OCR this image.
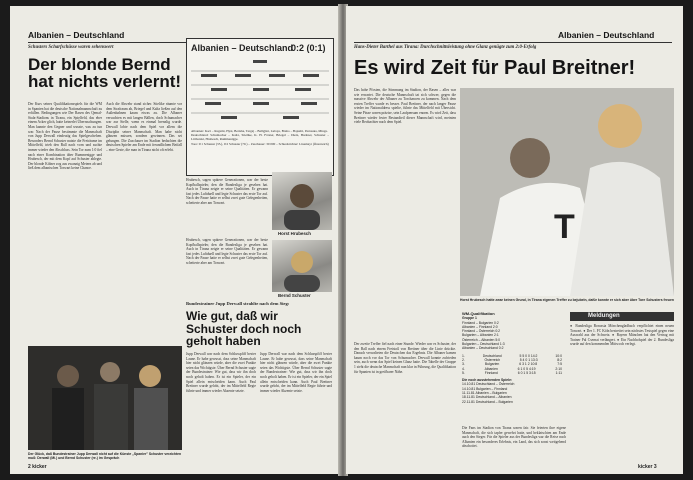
Albanien – Deutschland
Schusters Scharfschüsse waren sehenswert
Der blonde Bernd hat nichts verlernt!
Der Kurs seines Qualifikationsspiels für die WM in Spanien hat die deutsche Nationalmannschaft zu erfüllen. Bedingungen wie Der Rasen des Qemal-Stafa-Stadions in Tirana, ein Spielfeld, das eher einem Acker glich, hatte keinerlei Überraschungen. Man kannte den Gegner und wusste, was zu tun war. Nach der Pause bestimmte die Mannschaft von Jupp Derwall eindeutig das Spielgeschehen. Besonders Bernd Schuster nutzte die Freiräume im Mittelfeld, trieb den Ball nach vorn und suchte immer wieder den Abschluss. Sein Tor zum 1:0 fiel nach einer Kombination über Rummenigge und Hrubesch, der mit dem Kopf auf Schuster ablegte. Der blonde Kölner zog aus zwanzig Metern ab und ließ dem albanischen Torwart keine Chance.
Auch die Abwehr stand sicher. Stielike räumte vor dem Strafraum ab, Briegel und Kaltz ließen auf den Außenbahnen kaum etwas zu. Die Albaner versuchten es mit langen Bällen, doch Schumacher war zur Stelle, wenn es einmal brenzlig wurde. Derwall lobte nach dem Spiel vor allem die Disziplin seiner Mannschaft. Man habe nicht glänzen müssen, sondern gewinnen. Das sei gelungen. Die Zuschauer im Stadion bedachten die deutschen Spieler am Ende mit freundlichem Beifall – eine Geste, die man in Tirana nicht oft erlebt.
Albanien – Deutschland
0:2 (0:1)
Albanien: Kaci – Ragami, Hysi, Berisha, Targaj – Ballgjini, Luboja, Braho – Bajaziti, Pernaska, Minga.
Deutschland: Schumacher – Kaltz, Stielike, K. H. Förster, Briegel – Dietz, Breitner, Schuster – Littbarski, Hrubesch, Rummenigge.
Tore: 0:1 Schuster (35.), 0:2 Schuster (70.) – Zuschauer: 30 000 – Schiedsrichter: Linemayr (Österreich)
Hrubesch, sagen spätere Generationen, war der beste Kopfballspieler, den die Bundesliga je gesehen hat. Auch in Tirana zeigte er seine Qualitäten. Er gewann fast jedes Luftduell und legte Schuster das erste Tor auf. Nach der Pause hatte er selbst zwei gute Gelegenheiten, scheiterte aber am Torwart.
Horst Hrubesch
Bernd Schuster
Hrubesch, sagen spätere Generationen, war der beste Kopfballspieler, den die Bundesliga je gesehen hat. Auch in Tirana zeigte er seine Qualitäten. Er gewann fast jedes Luftduell und legte Schuster das erste Tor auf. Nach der Pause hatte er selbst zwei gute Gelegenheiten, scheiterte aber am Torwart.
Bundestrainer Jupp Derwall strahlte nach dem Sieg:
Wie gut, daß wir Schuster doch noch geholt haben
Jupp Derwall war nach dem Schlusspfiff bester Laune. Er habe gewusst, dass seine Mannschaft hier nicht glänzen würde, aber die zwei Punkte seien das Wichtigste. Über Bernd Schuster sagte der Bundestrainer: Wie gut, dass wir ihn doch noch geholt haben. Er ist ein Spieler, der ein Spiel allein entscheiden kann. Auch Paul Breitner wurde gelobt, der im Mittelfeld Regie führte und immer wieder Akzente setzte.
Jupp Derwall war nach dem Schlusspfiff bester Laune. Er habe gewusst, dass seine Mannschaft hier nicht glänzen würde, aber die zwei Punkte seien das Wichtigste. Über Bernd Schuster sagte der Bundestrainer: Wie gut, dass wir ihn doch noch geholt haben. Er ist ein Spieler, der ein Spiel allein entscheiden kann. Auch Paul Breitner wurde gelobt, der im Mittelfeld Regie führte und immer wieder Akzente setzte.
Der Glück, daß Bundestrainer Jupp Derwall nicht auf die Künste „Spanier" Schuster verzichten muß: Derwall (Mi.) und Bernd Schuster (re.) im Gespräch
2 kicker
Albanien – Deutschland
Hans-Dieter Barthel aus Tirana: Durchschnittsleistung ohne Glanz genügte zum 2:0-Erfolg
Es wird Zeit für Paul Breitner!
Das hohe Pfosten, die Stimmung im Stadion, der Rasen – alles war wie erwartet. Die deutsche Mannschaft tat sich schwer, gegen die massive Abwehr der Albaner zu Torchancen zu kommen. Nach dem ersten Treffer wurde es besser. Paul Breitner, der nach langer Pause wieder im Nationaldress spielte, führte das Mittelfeld mit Übersicht. Seine Pässe waren präzise, sein Laufpensum enorm. Es wird Zeit, dass Breitner wieder fester Bestandteil dieser Mannschaft wird, meinten viele Beobachter nach dem Spiel.
T
Horst Hrubesch hatte zwar keinen Grund, in Tirana eigenen Treffer zu bejubeln, dafür konnte er sich aber über Tore Schusters freuen
Der zweite Treffer fiel nach einer Stunde. Wieder war es Schuster, der den Ball nach einem Freistoß von Breitner über die Linie drückte. Danach verwalteten die Deutschen das Ergebnis. Die Albaner kamen kaum noch vor das Tor von Schumacher. Derwall konnte zufrieden sein, auch wenn das Spiel keinen Glanz hatte. Die Tabelle der Gruppe 1 sieht die deutsche Mannschaft nun klar in Führung, die Qualifikation für Spanien ist in greifbarer Nähe.
WM-Qualifikation
Gruppe 1
Finnland – Bulgarien 0:2
Albanien – Finnland 2:0
Finnland – Österreich 0:2
Bulgarien – Albanien 2:1
Österreich – Albanien 5:0
Bulgarien – Deutschland 1:3
Albanien – Deutschland 0:2
1.	Deutschland	5 5 0 0 14:2	10:0
2.	Österreich	5 4 0 1 13:3	8:2
3.	Bulgarien	6 3 1 2 10:8	7:5
4.	Albanien	6 1 0 5 4:19	2:10
5.	Finnland	6 0 1 5 3:15	1:11
Die noch ausstehenden Spiele:
14.10.81 Deutschland – Österreich
14.10.81 Bulgarien – Finnland
11.11.81 Albanien – Bulgarien
18.11.81 Deutschland – Albanien
22.11.81 Deutschland – Bulgarien
Meldungen
● Bundesliga Borussia Mönchengladbach verpflichtet einen neuen Torwart. ● Der 1. FC Köln bestreitet sein nächstes Testspiel gegen eine Auswahl aus der Schweiz. ● Bayern München hat den Vertrag mit Trainer Pal Csernai verlängert. ● Ein Nachholspiel der 2. Bundesliga wurde auf den kommenden Mittwoch verlegt.
Die Fans im Stadion von Tirana waren fair. Sie feierten ihre eigene Mannschaft, die sich tapfer gewehrt hatte, und beklatschten am Ende auch den Sieger. Für die Spieler aus der Bundesliga war die Reise nach Albanien ein besonderes Erlebnis, ein Land, das sich sonst weitgehend abschottet.
kicker 3
